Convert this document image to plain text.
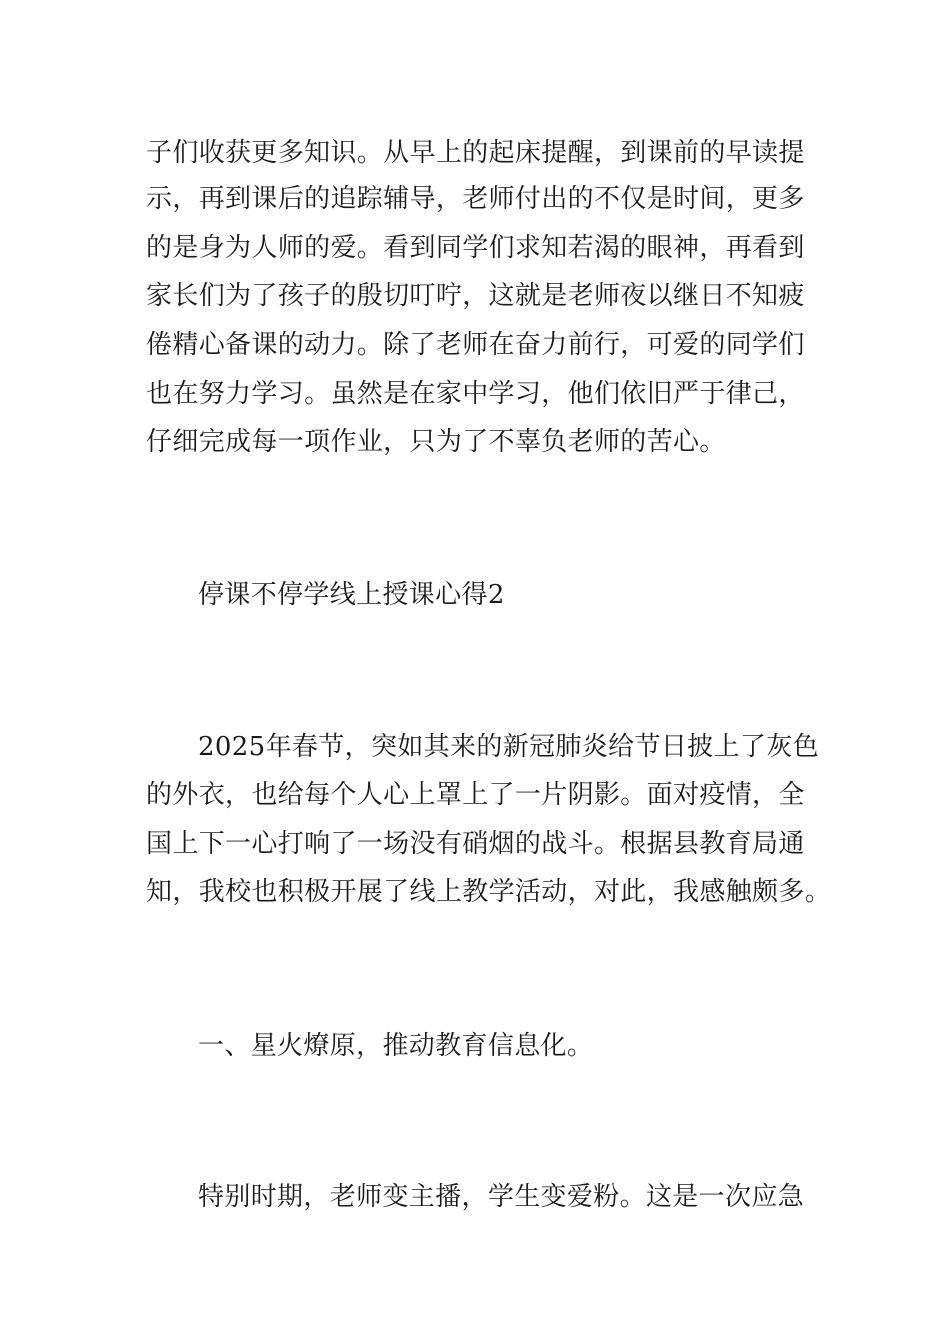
子们收获更多知识。从早上的起床提醒，到课前的早读提
示，再到课后的追踪辅导，老师付出的不仅是时间，更多
的是身为人师的爱。看到同学们求知若渴的眼神，再看到
家长们为了孩子的殷切叮咛，这就是老师夜以继日不知疲
倦精心备课的动力。除了老师在奋力前行，可爱的同学们
也在努力学习。虽然是在家中学习，他们依旧严于律己，
仔细完成每一项作业，只为了不辜负老师的苦心。
停课不停学线上授课心得2
2025年春节，突如其来的新冠肺炎给节日披上了灰色
的外衣，也给每个人心上罩上了一片阴影。面对疫情，全
国上下一心打响了一场没有硝烟的战斗。根据县教育局通
知，我校也积极开展了线上教学活动，对此，我感触颇多。
一、星火燎原，推动教育信息化。
特别时期，老师变主播，学生变爱粉。这是一次应急
